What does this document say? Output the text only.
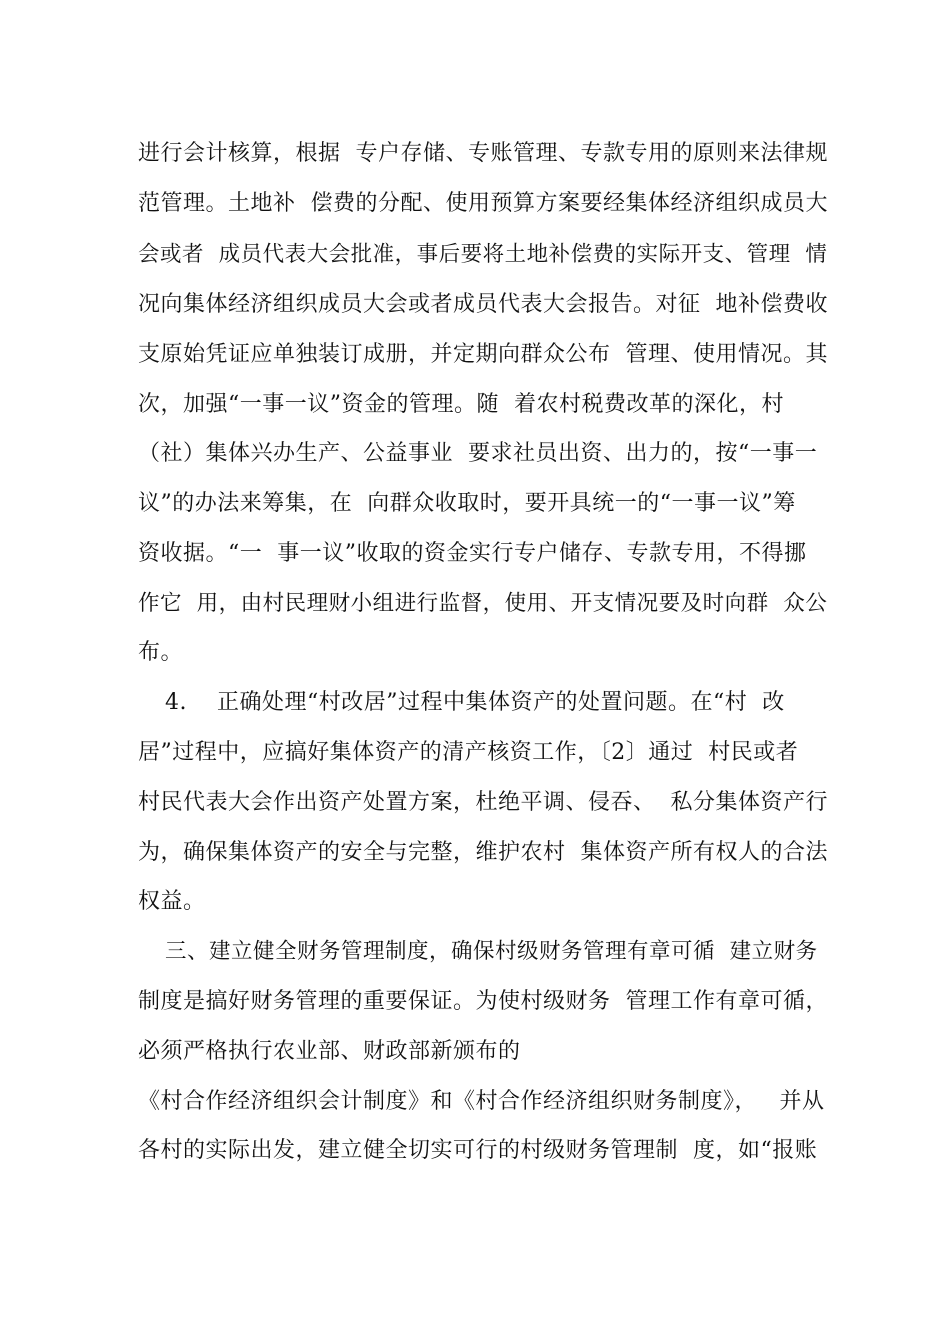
进行会计核算，根据  专户存储、专账管理、专款专用的原则来法律规
范管理。土地补  偿费的分配、使用预算方案要经集体经济组织成员大
会或者  成员代表大会批准，事后要将土地补偿费的实际开支、管理  情
况向集体经济组织成员大会或者成员代表大会报告。对征  地补偿费收
支原始凭证应单独装订成册，并定期向群众公布  管理、使用情况。其
次，加强“一事一议”资金的管理。随  着农村税费改革的深化，村
（社）集体兴办生产、公益事业  要求社员出资、出力的，按“一事一
议”的办法来筹集，在  向群众收取时，要开具统一的“一事一议”筹
资收据。“一  事一议”收取的资金实行专户储存、专款专用，不得挪
作它  用，由村民理财小组进行监督，使用、开支情况要及时向群  众公
布。
4.    正确处理“村改居”过程中集体资产的处置问题。在“村  改
居”过程中，应搞好集体资产的清产核资工作，〔2〕通过  村民或者
村民代表大会作出资产处置方案，杜绝平调、侵吞、  私分集体资产行
为，确保集体资产的安全与完整，维护农村  集体资产所有权人的合法
权益。
三、建立健全财务管理制度，确保村级财务管理有章可循  建立财务
制度是搞好财务管理的重要保证。为使村级财务  管理工作有章可循，
必须严格执行农业部、财政部新颁布的
《村合作经济组织会计制度》和《村合作经济组织财务制度》，   并从
各村的实际出发，建立健全切实可行的村级财务管理制  度，如“报账
